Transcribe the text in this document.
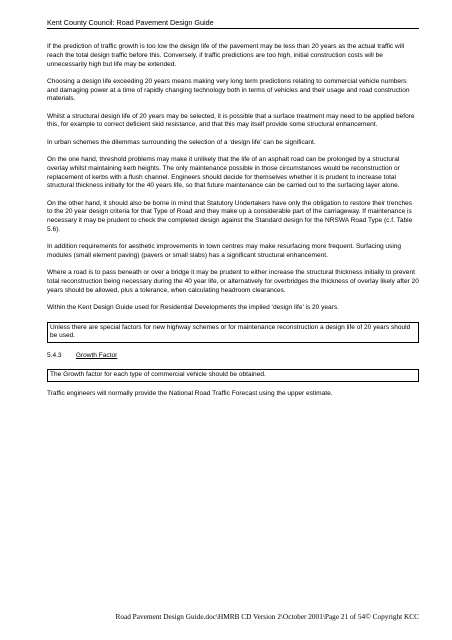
Kent County Council: Road Pavement Design Guide

If the prediction of traffic growth is too low the design life of the pavement may be less than 20 years as the actual traffic will reach the total design traffic before this. Conversely, if traffic predictions are too high, initial construction costs will be unnecessarily high but life may be extended.

Choosing a design life exceeding 20 years means making very long term predictions relating to commercial vehicle numbers and damaging power at a time of rapidly changing technology both in terms of vehicles and their usage and road construction materials.

Whilst a structural design life of 20 years may be selected, it is possible that a surface treatment may need to be applied before this, for example to correct deficient skid resistance, and that this may itself provide some structural enhancement.

In urban schemes the dilemmas surrounding the selection of a ‘design life’ can be significant.

On the one hand, threshold problems may make it unlikely that the life of an asphalt road can be prolonged by a structural overlay whilst maintaining kerb heights. The only maintenance possible in those circumstances would be reconstruction or replacement of kerbs with a flush channel. Engineers should decide for themselves whether it is prudent to increase total structural thickness initially for the 40 years life, so that future maintenance can be carried out to the surfacing layer alone.

On the other hand, it should also be borne in mind that Statutory Undertakers have only the obligation to restore their trenches to the 20 year design criteria for that Type of Road and they make up a considerable part of the carriageway. If maintenance is necessary it may be prudent to check the completed design against the Standard design for the NRSWA Road Type (c.f. Table 5.6).

In addition requirements for aesthetic improvements in town centres may make resurfacing more frequent. Surfacing using modules (small element paving) (pavers or small slabs) has a significant structural enhancement.

Where a road is to pass beneath or over a bridge it may be prudent to either increase the structural thickness initially to prevent total reconstruction being necessary during the 40 year life, or alternatively for overbridges the thickness of overlay likely after 20 years should be allowed, plus a tolerance, when calculating headroom clearances.

Within the Kent Design Guide used for Residential Developments the implied ‘design life’ is 20 years.

Unless there are special factors for new highway schemes or for maintenance reconstruction a design life of 20 years should be used.

5.4.3 Growth Factor

The Growth factor for each type of commercial vehicle should be obtained.

Traffic engineers will normally provide the National Road Traffic Forecast using the upper estimate.

Road Pavement Design Guide.doc\HMRB CD Version 2\October 2001\Page 21 of 54© Copyright KCC
